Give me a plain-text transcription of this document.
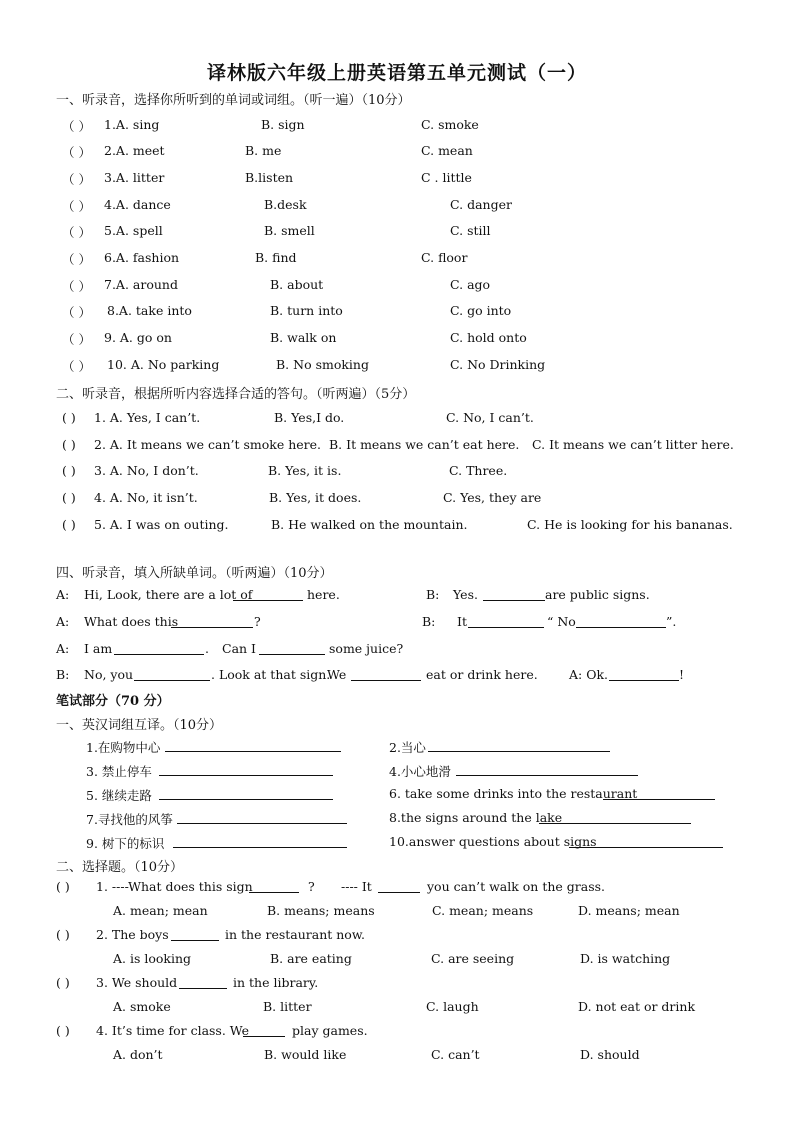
译林版六年级上册英语第五单元测试（一）
一、听录音，选择你所听到的单词或词组。（听一遍）（10分）
（ ） 1.A. sing	B. sign	C. smoke
（ ） 2.A. meet	B. me	C. mean
（ ） 3.A. litter	B.listen	C . little
（ ） 4.A. dance	B.desk	C. danger
（ ） 5.A. spell	B. smell	C. still
（ ） 6.A. fashion	B. find	C. floor
（ ） 7.A. around	B. about	C. ago
（ ） 8.A. take into	B. turn into	C. go into
（ ） 9. A. go on	B. walk on	C. hold onto
（ ） 10. A. No parking	B. No smoking	C. No Drinking
二、听录音，根据所听内容选择合适的答句。（听两遍）（5分）
( ) 1. A. Yes, I can’t.	B. Yes,I do.	C. No, I can’t.
( ) 2. A. It means we can’t smoke here. B. It means we can’t eat here. C. It means we can’t litter here.
( ) 3. A. No, I don’t.	B. Yes, it is.	C. Three.
( ) 4. A. No, it isn’t.	B. Yes, it does.	C. Yes, they are
( ) 5. A. I was on outing.	B. He walked on the mountain.	C. He is looking for his bananas.
四、听录音，填入所缺单词。（听两遍）（10分）
A: Hi, Look, there are a lot of	here.	B: Yes.	are public signs.
A: What does this	?	B: It	“ No	”.
A: I am	. Can I	some juice?
B: No, you	. Look at that sign.
We	eat or drink here.	A: Ok.	!
笔试部分（70 分）
一、英汉词组互译。（10分）
1.在购物中心	2.当心
3. 禁止停车	4.小心地滑
5. 继续走路	6. take some drinks into the restaurant
7.寻找他的风筝	8.the signs around the lake
9. 树下的标识	10.answer questions about signs
二、选择题。（10分）
( ) 1. ----What does this sign	? ---- It	you can’t walk on the grass.
A. mean; mean	B. means; means	C. mean; means	D. means; mean
( ) 2. The boys	in the restaurant now.
A. is looking	B. are eating	C. are seeing	D. is watching
( ) 3. We should	in the library.
A. smoke	B. litter	C. laugh	D. not eat or drink
( ) 4. It’s time for class. We	play games.
A. don’t	B. would like	C. can’t	D. should
